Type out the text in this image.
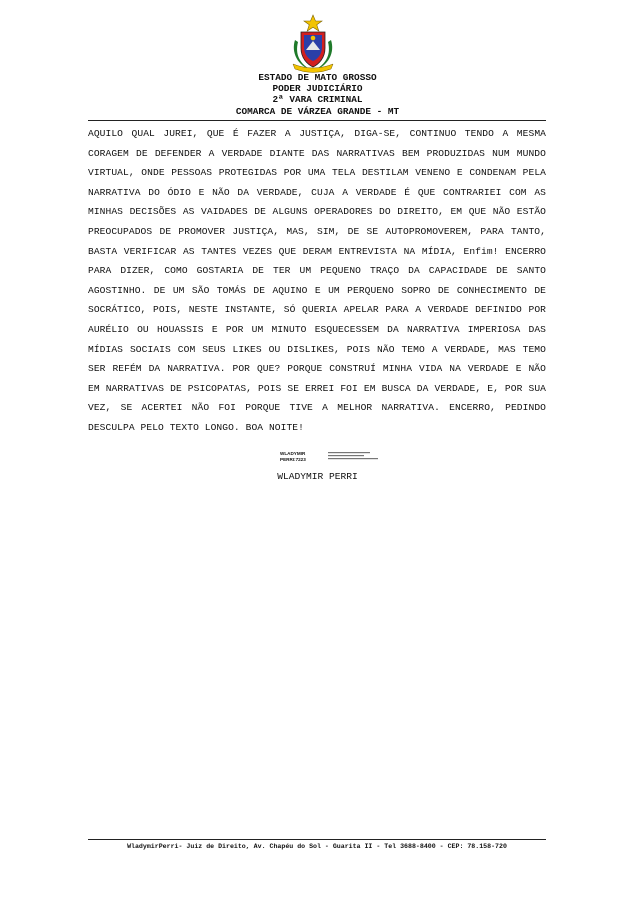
ESTADO DE MATO GROSSO
PODER JUDICIÁRIO
2ª VARA CRIMINAL
COMARCA DE VÁRZEA GRANDE - MT
AQUILO QUAL JUREI, QUE É FAZER A JUSTIÇA, DIGA-SE, CONTINUO TENDO A MESMA CORAGEM DE DEFENDER A VERDADE DIANTE DAS NARRATIVAS BEM PRODUZIDAS NUM MUNDO VIRTUAL, ONDE PESSOAS PROTEGIDAS POR UMA TELA DESTILAM VENENO E CONDENAM PELA NARRATIVA DO ÓDIO E NÃO DA VERDADE, CUJA A VERDADE É QUE CONTRARIEI COM AS MINHAS DECISÕES AS VAIDADES DE ALGUNS OPERADORES DO DIREITO, EM QUE NÃO ESTÃO PREOCUPADOS DE PROMOVER JUSTIÇA, MAS, SIM, DE SE AUTOPROMOVEREM, PARA TANTO, BASTA VERIFICAR AS TANTES VEZES QUE DERAM ENTREVISTA NA MÍDIA, Enfim! ENCERRO PARA DIZER, COMO GOSTARIA DE TER UM PEQUENO TRAÇO DA CAPACIDADE DE SANTO AGOSTINHO. DE UM SÃO TOMÁS DE AQUINO E UM PERQUENO SOPRO DE CONHECIMENTO DE SOCRÁTICO, POIS, NESTE INSTANTE, SÓ QUERIA APELAR PARA A VERDADE DEFINIDO POR AURÉLIO OU HOUASSIS E POR UM MINUTO ESQUECESSEM DA NARRATIVA IMPERIOSA DAS MÍDIAS SOCIAIS COM SEUS LIKES OU DISLIKES, POIS NÃO TEMO A VERDADE, MAS TEMO SER REFÉM DA NARRATIVA. POR QUE? PORQUE CONSTRUÍ MINHA VIDA NA VERDADE E NÃO EM NARRATIVAS DE PSICOPATAS, POIS SE ERREI FOI EM BUSCA DA VERDADE, E, POR SUA VEZ, SE ACERTEI NÃO FOI PORQUE TIVE A MELHOR NARRATIVA. ENCERRO, PEDINDO DESCULPA PELO TEXTO LONGO. BOA NOITE!
WLADYMIR
PERRI:7223
WLADYMIR PERRI
WladymirPerri- Juiz de Direito, Av. Chapéu do Sol - Guarita II - Tel 3688-8400 - CEP: 78.158-720
